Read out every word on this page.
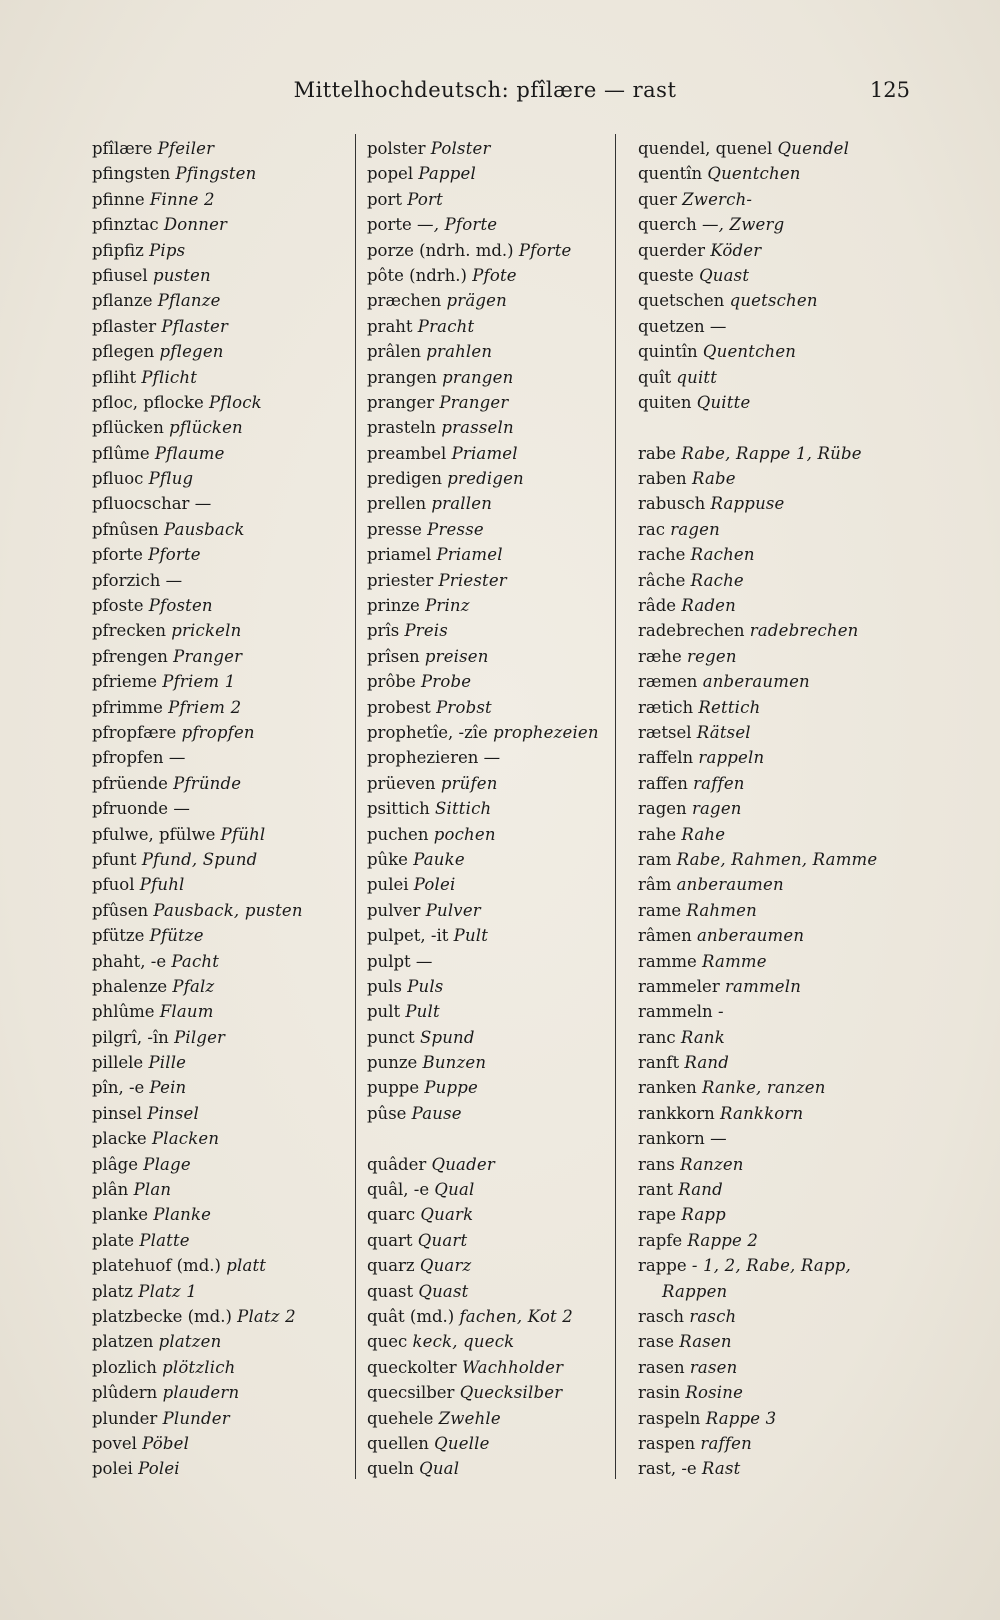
Mittelhochdeutsch: pfîlære — rast	125
pfîlære Pfeiler
pfingsten Pfingsten
pfinne Finne 2
pfinztac Donner
pfipfiz Pips
pfiusel pusten
pflanze Pflanze
pflaster Pflaster
pflegen pflegen
pfliht Pflicht
pfloc, pflocke Pflock
pflücken pflücken
pflûme Pflaume
pfluoc Pflug
pfluocschar —
pfnûsen Pausback
pforte Pforte
pforzich —
pfoste Pfosten
pfrecken prickeln
pfrengen Pranger
pfrieme Pfriem 1
pfrimme Pfriem 2
pfropfære pfropfen
pfropfen —
pfrüende Pfründe
pfruonde —
pfulwe, pfülwe Pfühl
pfunt Pfund, Spund
pfuol Pfuhl
pfûsen Pausback, pusten
pfütze Pfütze
phaht, -e Pacht
phalenze Pfalz
phlûme Flaum
pilgrî, -în Pilger
pillele Pille
pîn, -e Pein
pinsel Pinsel
placke Placken
plâge Plage
plân Plan
planke Planke
plate Platte
platehuof (md.) platt
platz Platz 1
platzbecke (md.) Platz 2
platzen platzen
plozlich plötzlich
plûdern plaudern
plunder Plunder
povel Pöbel
polei Polei
polster Polster
popel Pappel
port Port
porte —, Pforte
porze (ndrh. md.) Pforte
pôte (ndrh.) Pfote
præchen prägen
praht Pracht
prâlen prahlen
prangen prangen
pranger Pranger
prasteln prasseln
preambel Priamel
predigen predigen
prellen prallen
presse Presse
priamel Priamel
priester Priester
prinze Prinz
prîs Preis
prîsen preisen
prôbe Probe
probest Probst
prophetîe, -zîe prophezeien
prophezieren —
prüeven prüfen
psittich Sittich
puchen pochen
pûke Pauke
pulei Polei
pulver Pulver
pulpet, -it Pult
pulpt —
puls Puls
pult Pult
punct Spund
punze Bunzen
puppe Puppe
pûse Pause
quâder Quader
quâl, -e Qual
quarc Quark
quart Quart
quarz Quarz
quast Quast
quât (md.) fachen, Kot 2
quec keck, queck
queckolter Wachholder
quecsilber Quecksilber
quehele Zwehle
quellen Quelle
queln Qual
quendel, quenel Quendel
quentîn Quentchen
quer Zwerch-
querch —, Zwerg
querder Köder
queste Quast
quetschen quetschen
quetzen —
quintîn Quentchen
quît quitt
quiten Quitte
rabe Rabe, Rappe 1, Rübe
raben Rabe
rabusch Rappuse
rac ragen
rache Rachen
râche Rache
râde Raden
radebrechen radebrechen
ræhe regen
ræmen anberaumen
rætich Rettich
rætsel Rätsel
raffeln rappeln
raffen raffen
ragen ragen
rahe Rahe
ram Rabe, Rahmen, Ramme
râm anberaumen
rame Rahmen
râmen anberaumen
ramme Ramme
rammeler rammeln
rammeln -
ranc Rank
ranft Rand
ranken Ranke, ranzen
rankkorn Rankkorn
rankorn —
rans Ranzen
rant Rand
rape Rapp
rapfe Rappe 2
rappe - 1, 2, Rabe, Rapp,
Rappen
rasch rasch
rase Rasen
rasen rasen
rasin Rosine
raspeln Rappe 3
raspen raffen
rast, -e Rast
